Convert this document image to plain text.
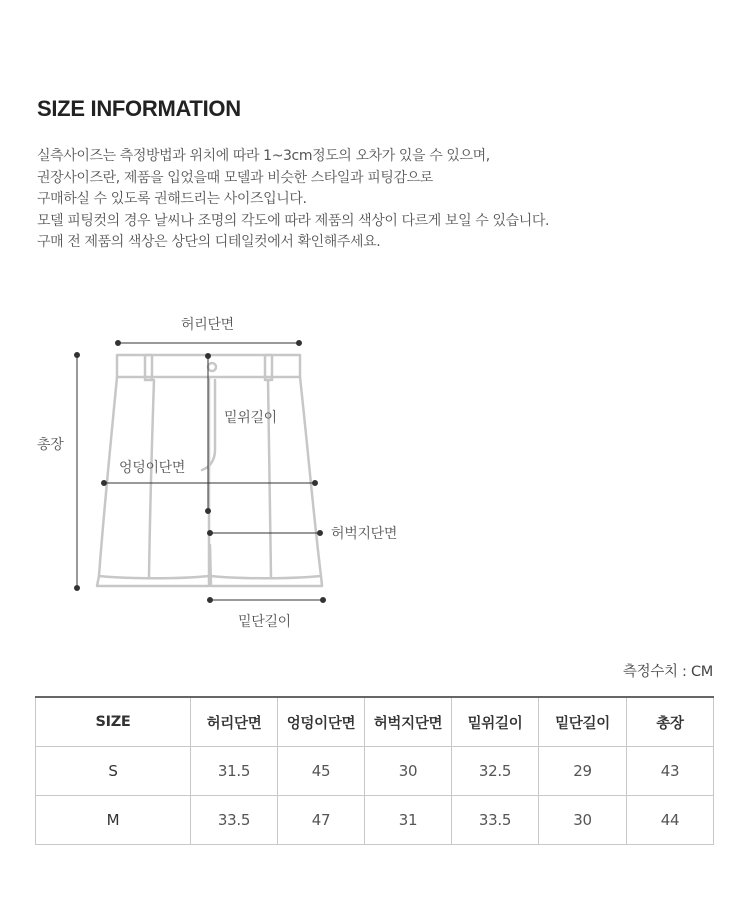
SIZE INFORMATION

실측사이즈는 측정방법과 위치에 따라 1~3cm정도의 오차가 있을 수 있으며,

권장사이즈란, 제품을 입었을때 모델과 비슷한 스타일과 피팅감으로

구매하실 수 있도록 권해드리는 사이즈입니다.

모델 피팅컷의 경우 날씨나 조명의 각도에 따라 제품의 색상이 다르게 보일 수 있습니다.

구매 전 제품의 색상은 상단의 디테일컷에서 확인해주세요.

허리단면
총장
밑위길이
엉덩이단면
허벅지단면
밑단길이
측정수치 : CM
SIZE	허리단면	엉덩이단면	허벅지단면	밑위길이	밑단길이	총장
S	31.5	45	30	32.5	29	43
M	33.5	47	31	33.5	30	44
